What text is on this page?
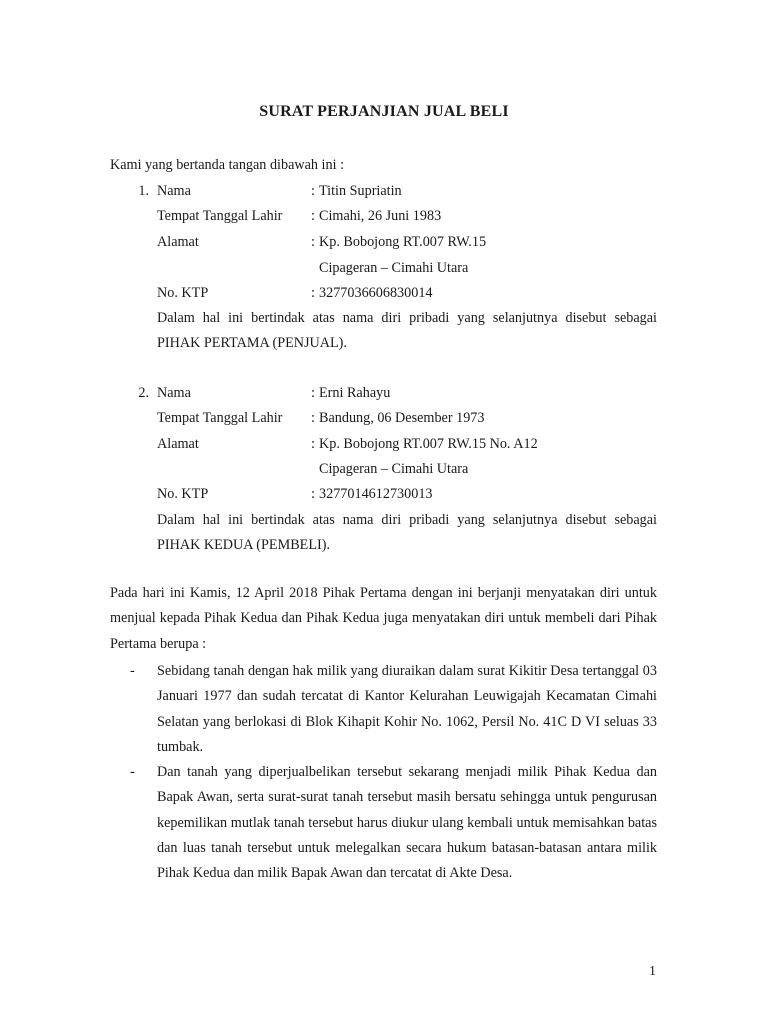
SURAT PERJANJIAN JUAL BELI
Kami yang bertanda tangan dibawah ini :
1. Nama	: Titin Supriatin
Tempat Tanggal Lahir : Cimahi, 26 Juni 1983
Alamat	: Kp. Bobojong RT.007 RW.15
Cipageran – Cimahi Utara
No. KTP	: 3277036606830014
Dalam hal ini bertindak atas nama diri pribadi yang selanjutnya disebut sebagai
PIHAK PERTAMA (PENJUAL).
2. Nama	: Erni Rahayu
Tempat Tanggal Lahir : Bandung, 06 Desember 1973
Alamat	: Kp. Bobojong RT.007 RW.15 No. A12
Cipageran – Cimahi Utara
No. KTP	: 3277014612730013
Dalam hal ini bertindak atas nama diri pribadi yang selanjutnya disebut sebagai
PIHAK KEDUA (PEMBELI).
Pada hari ini Kamis, 12 April 2018 Pihak Pertama dengan ini berjanji menyatakan diri untuk menjual kepada Pihak Kedua dan Pihak Kedua juga menyatakan diri untuk membeli dari Pihak Pertama berupa :
- Sebidang tanah dengan hak milik yang diuraikan dalam surat Kikitir Desa tertanggal 03 Januari 1977 dan sudah tercatat di Kantor Kelurahan Leuwigajah Kecamatan Cimahi Selatan yang berlokasi di Blok Kihapit Kohir No. 1062, Persil No. 41C D VI seluas 33 tumbak.
- Dan tanah yang diperjualbelikan tersebut sekarang menjadi milik Pihak Kedua dan Bapak Awan, serta surat-surat tanah tersebut masih bersatu sehingga untuk pengurusan kepemilikan mutlak tanah tersebut harus diukur ulang kembali untuk memisahkan batas dan luas tanah tersebut untuk melegalkan secara hukum batasan-batasan antara milik Pihak Kedua dan milik Bapak Awan dan tercatat di Akte Desa.
1
